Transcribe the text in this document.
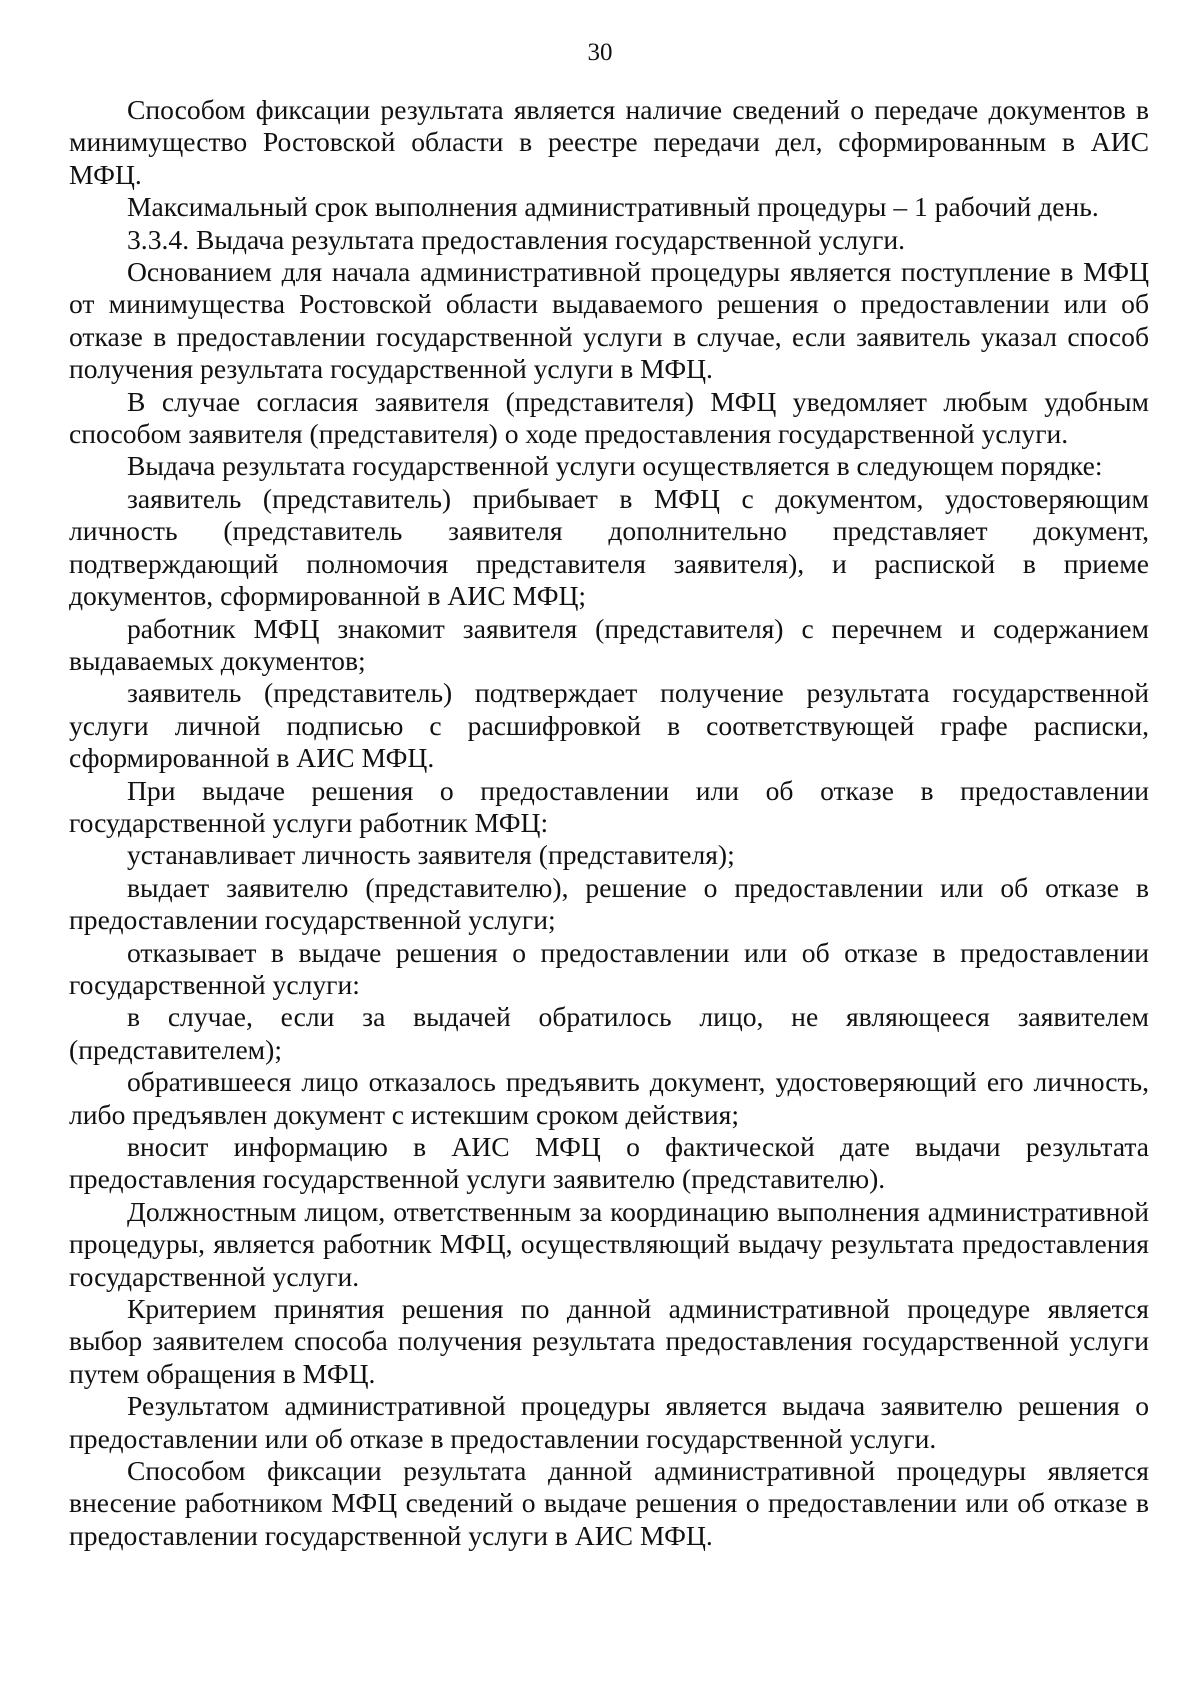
30

Способом фиксации результата является наличие сведений о передаче документов в минимущество Ростовской области в реестре передачи дел, сформированным в АИС МФЦ.

Максимальный срок выполнения административный процедуры – 1 рабочий день.

3.3.4. Выдача результата предоставления государственной услуги.

Основанием для начала административной процедуры является поступление в МФЦ от минимущества Ростовской области выдаваемого решения о предоставлении или об отказе в предоставлении государственной услуги в случае, если заявитель указал способ получения результата государственной услуги в МФЦ.

В случае согласия заявителя (представителя) МФЦ уведомляет любым удобным способом заявителя (представителя) о ходе предоставления государственной услуги.

Выдача результата государственной услуги осуществляется в следующем порядке:

заявитель (представитель) прибывает в МФЦ с документом, удостоверяющим личность (представитель заявителя дополнительно представляет документ, подтверждающий полномочия представителя заявителя), и распиской в приеме документов, сформированной в АИС МФЦ;

работник МФЦ знакомит заявителя (представителя) с перечнем и содержанием выдаваемых документов;

заявитель (представитель) подтверждает получение результата государственной услуги личной подписью с расшифровкой в соответствующей графе расписки, сформированной в АИС МФЦ.

При выдаче решения о предоставлении или об отказе в предоставлении государственной услуги работник МФЦ:

устанавливает личность заявителя (представителя);

выдает заявителю (представителю), решение о предоставлении или об отказе в предоставлении государственной услуги;

отказывает в выдаче решения о предоставлении или об отказе в предоставлении государственной услуги:

в случае, если за выдачей обратилось лицо, не являющееся заявителем (представителем);

обратившееся лицо отказалось предъявить документ, удостоверяющий его личность, либо предъявлен документ с истекшим сроком действия;

вносит информацию в АИС МФЦ о фактической дате выдачи результата предоставления государственной услуги заявителю (представителю).

Должностным лицом, ответственным за координацию выполнения административной процедуры, является работник МФЦ, осуществляющий выдачу результата предоставления государственной услуги.

Критерием принятия решения по данной административной процедуре является выбор заявителем способа получения результата предоставления государственной услуги путем обращения в МФЦ.

Результатом административной процедуры является выдача заявителю решения о предоставлении или об отказе в предоставлении государственной услуги.

Способом фиксации результата данной административной процедуры является внесение работником МФЦ сведений о выдаче решения о предоставлении или об отказе в предоставлении государственной услуги в АИС МФЦ.
